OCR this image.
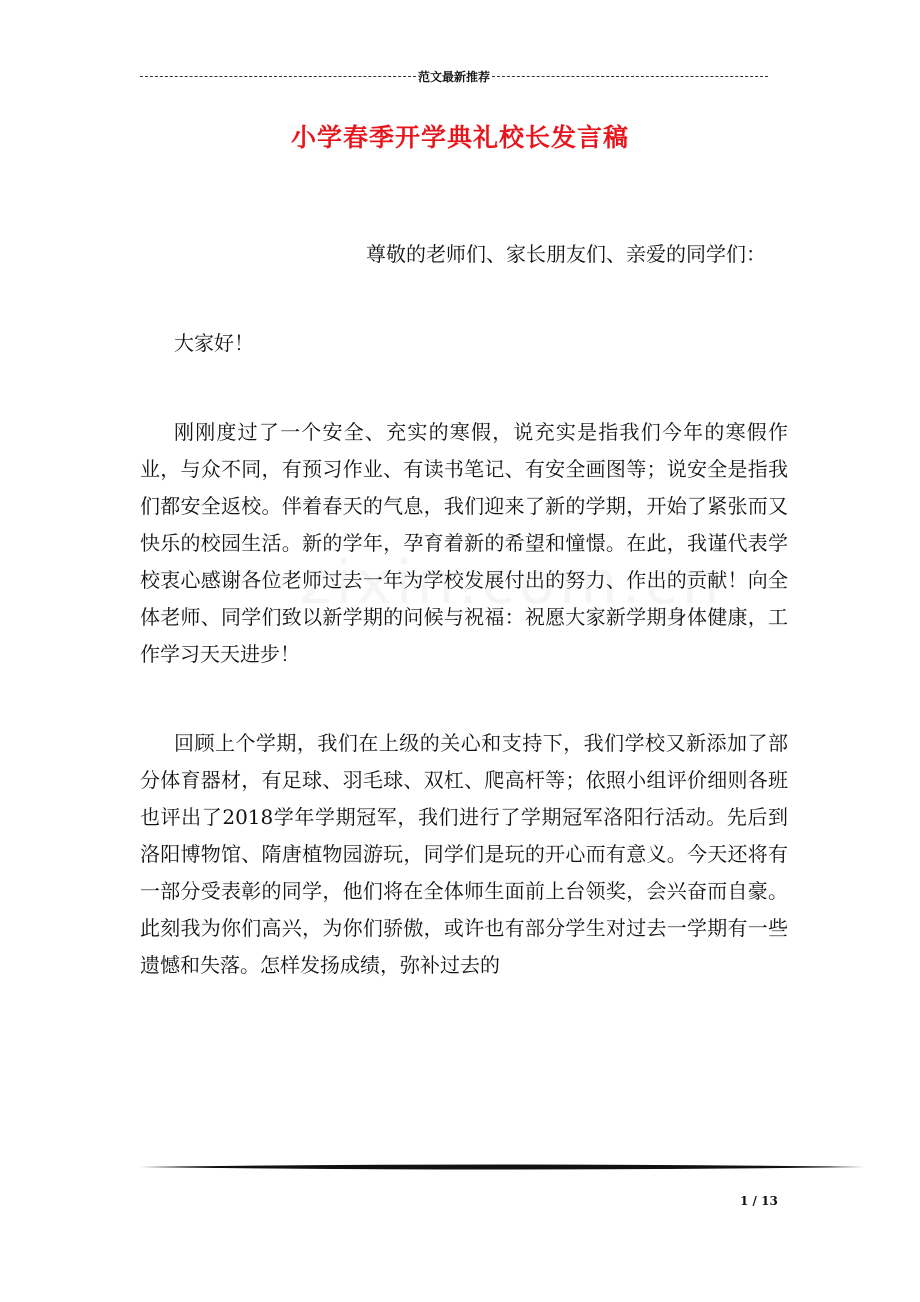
范文最新推荐
小学春季开学典礼校长发言稿

尊敬的老师们、家长朋友们、亲爱的同学们：

大家好！

刚刚度过了一个安全、充实的寒假，说充实是指我们今年的寒假作业，与众不同，有预习作业、有读书笔记、有安全画图等；说安全是指我们都安全返校。伴着春天的气息，我们迎来了新的学期，开始了紧张而又快乐的校园生活。新的学年，孕育着新的希望和憧憬。在此，我谨代表学校衷心感谢各位老师过去一年为学校发展付出的努力、作出的贡献！向全体老师、同学们致以新学期的问候与祝福：祝愿大家新学期身体健康，工作学习天天进步！

回顾上个学期，我们在上级的关心和支持下，我们学校又新添加了部分体育器材，有足球、羽毛球、双杠、爬高杆等；依照小组评价细则各班也评出了2018学年学期冠军，我们进行了学期冠军洛阳行活动。先后到洛阳博物馆、隋唐植物园游玩，同学们是玩的开心而有意义。今天还将有一部分受表彰的同学，他们将在全体师生面前上台领奖，会兴奋而自豪。此刻我为你们高兴，为你们骄傲，或许也有部分学生对过去一学期有一些遗憾和失落。怎样发扬成绩，弥补过去的

1 / 13
